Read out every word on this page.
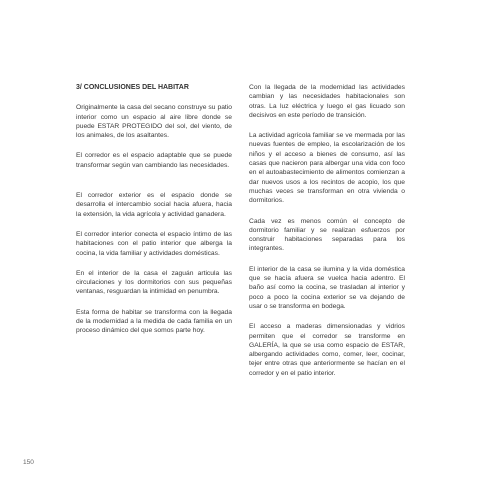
3/ CONCLUSIONES DEL HABITAR

Originalmente la casa del secano construye su patio interior como un espacio al aire libre donde se puede ESTAR PROTEGIDO del sol, del viento, de los animales, de los asaltantes.

El corredor es el espacio adaptable que se puede transformar según van cambiando las necesidades.

El corredor exterior es el espacio donde se desarrolla el intercambio social hacia afuera, hacia la extensión, la vida agrícola y actividad ganadera.

El corredor interior conecta el espacio íntimo de las habitaciones con el patio interior que alberga la cocina, la vida familiar y actividades domésticas.

En el interior de la casa el zaguán articula las circulaciones y los dormitorios con sus pequeñas ventanas, resguardan la intimidad en penumbra.

Esta forma de habitar se transforma con la llegada de la modernidad a la medida de cada familia en un proceso dinámico del que somos parte hoy.

Con la llegada de la modernidad las actividades cambian y las necesidades habitacionales son otras. La luz eléctrica y luego el gas licuado son decisivos en este período de transición.

La actividad agrícola familiar se ve mermada por las nuevas fuentes de empleo, la escolarización de los niños y el acceso a bienes de consumo, así las casas que nacieron para albergar una vida con foco en el autoabastecimiento de alimentos comienzan a dar nuevos usos a los recintos de acopio, los que muchas veces se transforman en otra vivienda o dormitorios.

Cada vez es menos común el concepto de dormitorio familiar y se realizan esfuerzos por construir habitaciones separadas para los integrantes.

El interior de la casa se ilumina y la vida doméstica que se hacía afuera se vuelca hacia adentro. El baño así como la cocina, se trasladan al interior y poco a poco la cocina exterior se va dejando de usar o se transforma en bodega.

El acceso a maderas dimensionadas y vidrios permiten que el corredor se transforme en GALERÍA, la que se usa como espacio de ESTAR, albergando actividades como, comer, leer, cocinar, tejer entre otras que anteriormente se hacían en el corredor y en el patio interior.

150
